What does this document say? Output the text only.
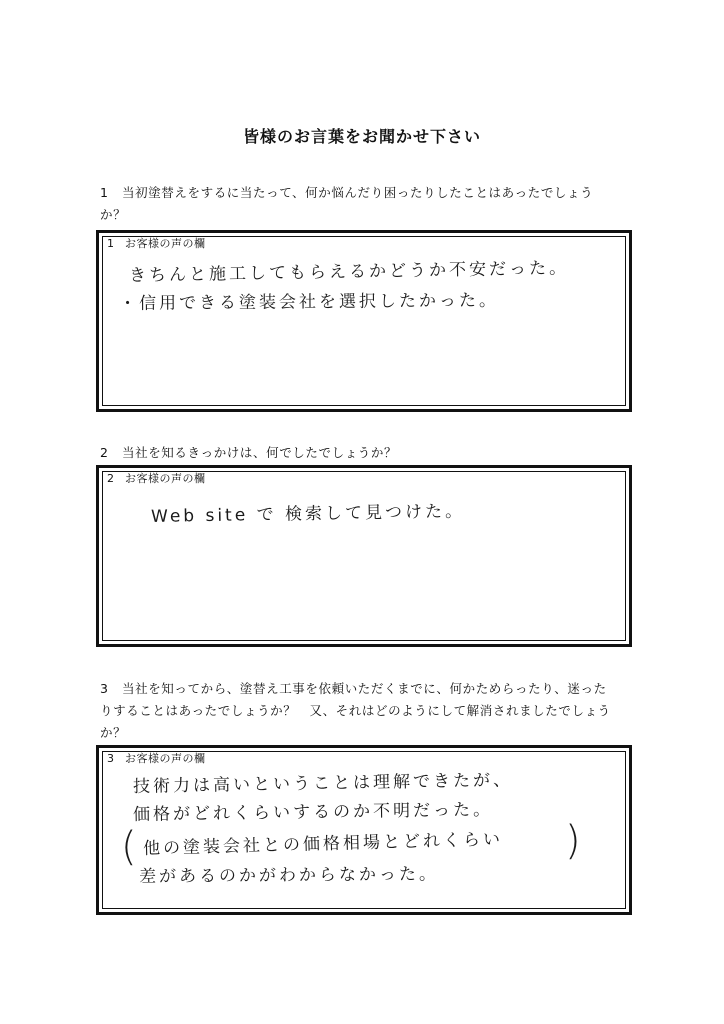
皆様のお言葉をお聞かせ下さい
1 当初塗替えをするに当たって、何か悩んだり困ったりしたことはあったでしょう
か？
1 お客様の声の欄
きちんと施工してもらえるかどうか不安だった。
・信用できる塗装会社を選択したかった。
2 当社を知るきっかけは、何でしたでしょうか？
2 お客様の声の欄
Web site で 検索して見つけた。
3 当社を知ってから、塗替え工事を依頼いただくまでに、何かためらったり、迷った
りすることはあったでしょうか？　又、それはどのようにして解消されましたでしょう
か？
3 お客様の声の欄
技術力は高いということは理解できたが、
価格がどれくらいするのか不明だった。
( 他の塗装会社との価格相場とどれくらい )
差があるのかがわからなかった。
